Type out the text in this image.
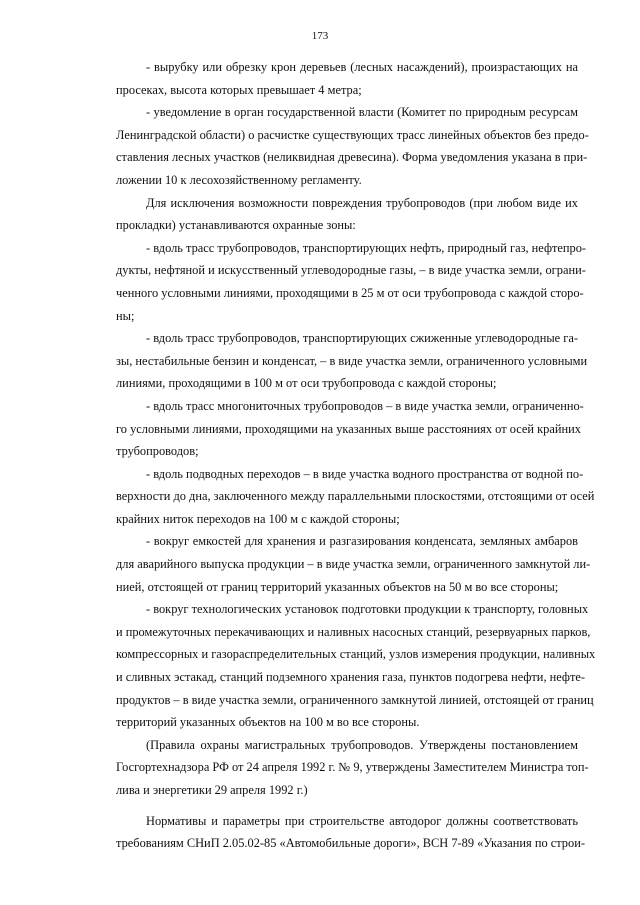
173
- вырубку или обрезку крон деревьев (лесных насаждений), произрастающих на
просеках, высота которых превышает 4 метра;
- уведомление в орган государственной власти (Комитет по природным ресурсам
Ленинградской области) о расчистке существующих трасс линейных объектов без предо-
ставления лесных участков (неликвидная древесина). Форма уведомления указана в при-
ложении 10 к лесохозяйственному регламенту.
Для исключения возможности повреждения трубопроводов (при любом виде их
прокладки) устанавливаются охранные зоны:
- вдоль трасс трубопроводов, транспортирующих нефть, природный газ, нефтепро-
дукты, нефтяной и искусственный углеводородные газы, – в виде участка земли, ограни-
ченного условными линиями, проходящими в 25 м от оси трубопровода с каждой сторо-
ны;
- вдоль трасс трубопроводов, транспортирующих сжиженные углеводородные га-
зы, нестабильные бензин и конденсат, – в виде участка земли, ограниченного условными
линиями, проходящими в 100 м от оси трубопровода с каждой стороны;
- вдоль трасс многониточных трубопроводов – в виде участка земли, ограниченно-
го условными линиями, проходящими на указанных выше расстояниях от осей крайних
трубопроводов;
- вдоль подводных переходов – в виде участка водного пространства от водной по-
верхности до дна, заключенного между параллельными плоскостями, отстоящими от осей
крайних ниток переходов на 100 м с каждой стороны;
- вокруг емкостей для хранения и разгазирования конденсата, земляных амбаров
для аварийного выпуска продукции – в виде участка земли, ограниченного замкнутой ли-
нией, отстоящей от границ территорий указанных объектов на 50 м во все стороны;
- вокруг технологических установок подготовки продукции к транспорту, головных
и промежуточных перекачивающих и наливных насосных станций, резервуарных парков,
компрессорных и газораспределительных станций, узлов измерения продукции, наливных
и сливных эстакад, станций подземного хранения газа, пунктов подогрева нефти, нефте-
продуктов – в виде участка земли, ограниченного замкнутой линией, отстоящей от границ
территорий указанных объектов на 100 м во все стороны.
(Правила охраны магистральных трубопроводов. Утверждены постановлением
Госгортехнадзора РФ от 24 апреля 1992 г. № 9, утверждены Заместителем Министра топ-
лива и энергетики 29 апреля 1992 г.)
Нормативы и параметры при строительстве автодорог должны соответствовать
требованиям СНиП 2.05.02-85 «Автомобильные дороги», ВСН 7-89 «Указания по строи-
